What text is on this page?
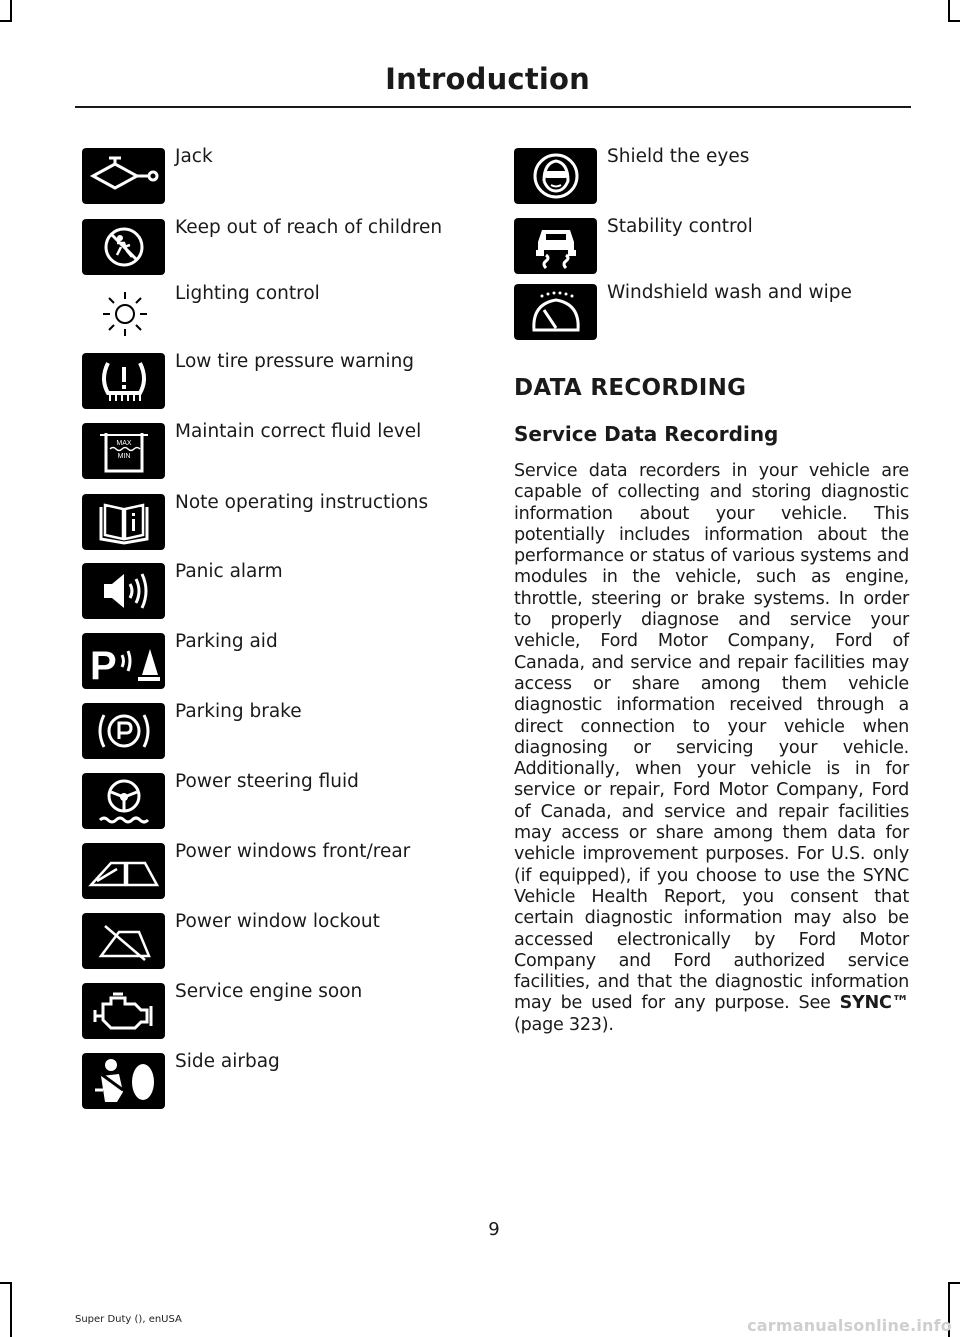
Introduction
Jack
Keep out of reach of children
Lighting control
Low tire pressure warning
MAX
MIN
Maintain correct fluid level
Note operating instructions
Panic alarm
P
Parking aid
Parking brake
Power steering fluid
Power windows front/rear
Power window lockout
Service engine soon
Side airbag
Shield the eyes
Stability control
Windshield wash and wipe
DATA RECORDING
Service Data Recording
Service data recorders in your vehicle are capable of collecting and storing diagnostic information about your vehicle. This potentially includes information about the performance or status of various systems and modules in the vehicle, such as engine, throttle, steering or brake systems. In order to properly diagnose and service your vehicle, Ford Motor Company, Ford of Canada, and service and repair facilities may access or share among them vehicle diagnostic information received through a direct connection to your vehicle when diagnosing or servicing your vehicle. Additionally, when your vehicle is in for service or repair, Ford Motor Company, Ford of Canada, and service and repair facilities may access or share among them data for vehicle improvement purposes. For U.S. only (if equipped), if you choose to use the SYNC Vehicle Health Report, you consent that certain diagnostic information may also be accessed electronically by Ford Motor Company and Ford authorized service facilities, and that the diagnostic information may be used for any purpose. See SYNC™ (page 323).
9
Super Duty (), enUSA	carmanualsonline.info
